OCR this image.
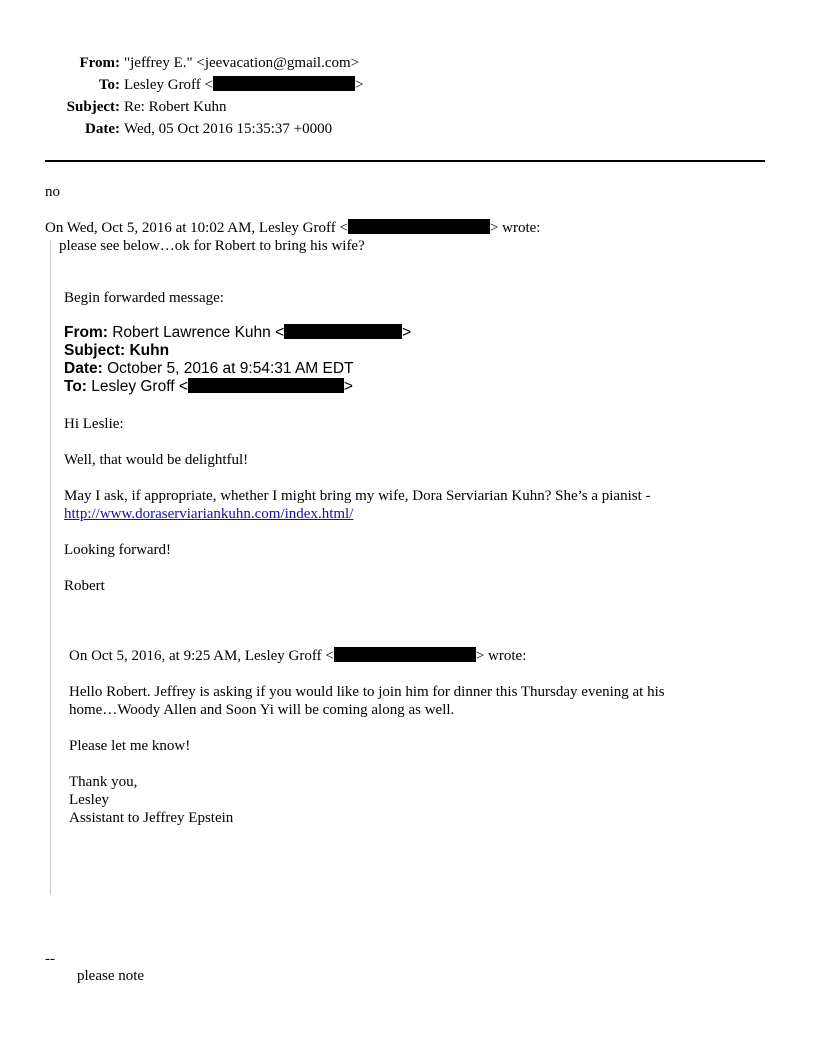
From: "jeffrey E." <jeevacation@gmail.com>
To: Lesley Groff <	>
Subject: Re: Robert Kuhn
Date: Wed, 05 Oct 2016 15:35:37 +0000
no
On Wed, Oct 5, 2016 at 10:02 AM, Lesley Groff <	> wrote:
please see below…ok for Robert to bring his wife?
Begin forwarded message:
From: Robert Lawrence Kuhn <	>
Subject: Kuhn
Date: October 5, 2016 at 9:54:31 AM EDT
To: Lesley Groff <	>
Hi Leslie:
Well, that would be delightful!
May I ask, if appropriate, whether I might bring my wife, Dora Serviarian Kuhn? She’s a pianist -
http://www.doraserviariankuhn.com/index.html/
Looking forward!
Robert
On Oct 5, 2016, at 9:25 AM, Lesley Groff <	> wrote:
Hello Robert. Jeffrey is asking if you would like to join him for dinner this Thursday evening at his
home…Woody Allen and Soon Yi will be coming along as well.
Please let me know!
Thank you,
Lesley
Assistant to Jeffrey Epstein
--
please note
